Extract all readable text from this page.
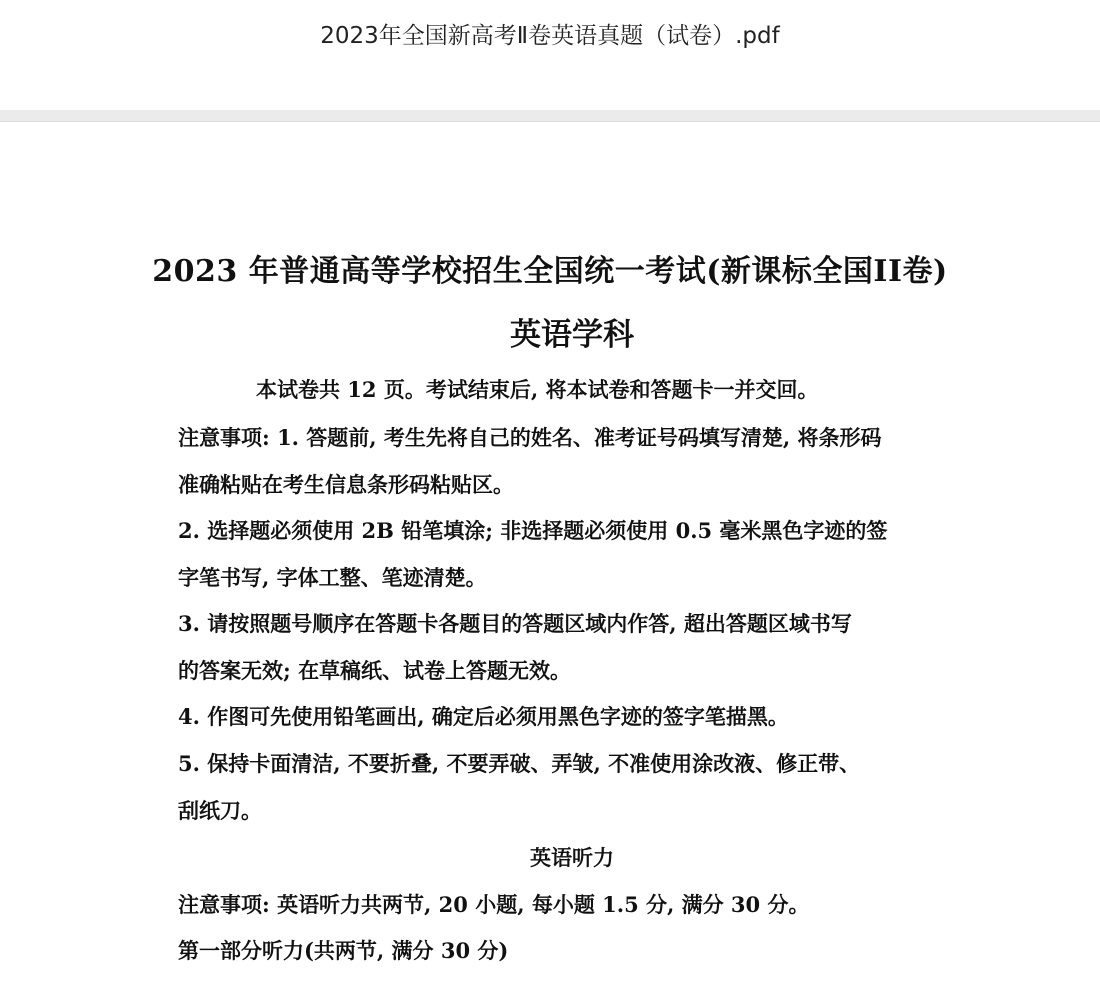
2023年全国新高考Ⅱ卷英语真题（试卷）.pdf
2023 年普通高等学校招生全国统一考试(新课标全国II卷)
英语学科
本试卷共 12 页。考试结束后, 将本试卷和答题卡一并交回。
注意事项: 1. 答题前, 考生先将自己的姓名、准考证号码填写清楚, 将条形码
准确粘贴在考生信息条形码粘贴区。
2. 选择题必须使用 2B 铅笔填涂; 非选择题必须使用 0.5 毫米黑色字迹的签
字笔书写, 字体工整、笔迹清楚。
3. 请按照题号顺序在答题卡各题目的答题区域内作答, 超出答题区域书写
的答案无效; 在草稿纸、试卷上答题无效。
4. 作图可先使用铅笔画出, 确定后必须用黑色字迹的签字笔描黑。
5. 保持卡面清洁, 不要折叠, 不要弄破、弄皱, 不准使用涂改液、修正带、
刮纸刀。
英语听力
注意事项: 英语听力共两节, 20 小题, 每小题 1.5 分, 满分 30 分。
第一部分听力(共两节, 满分 30 分)
